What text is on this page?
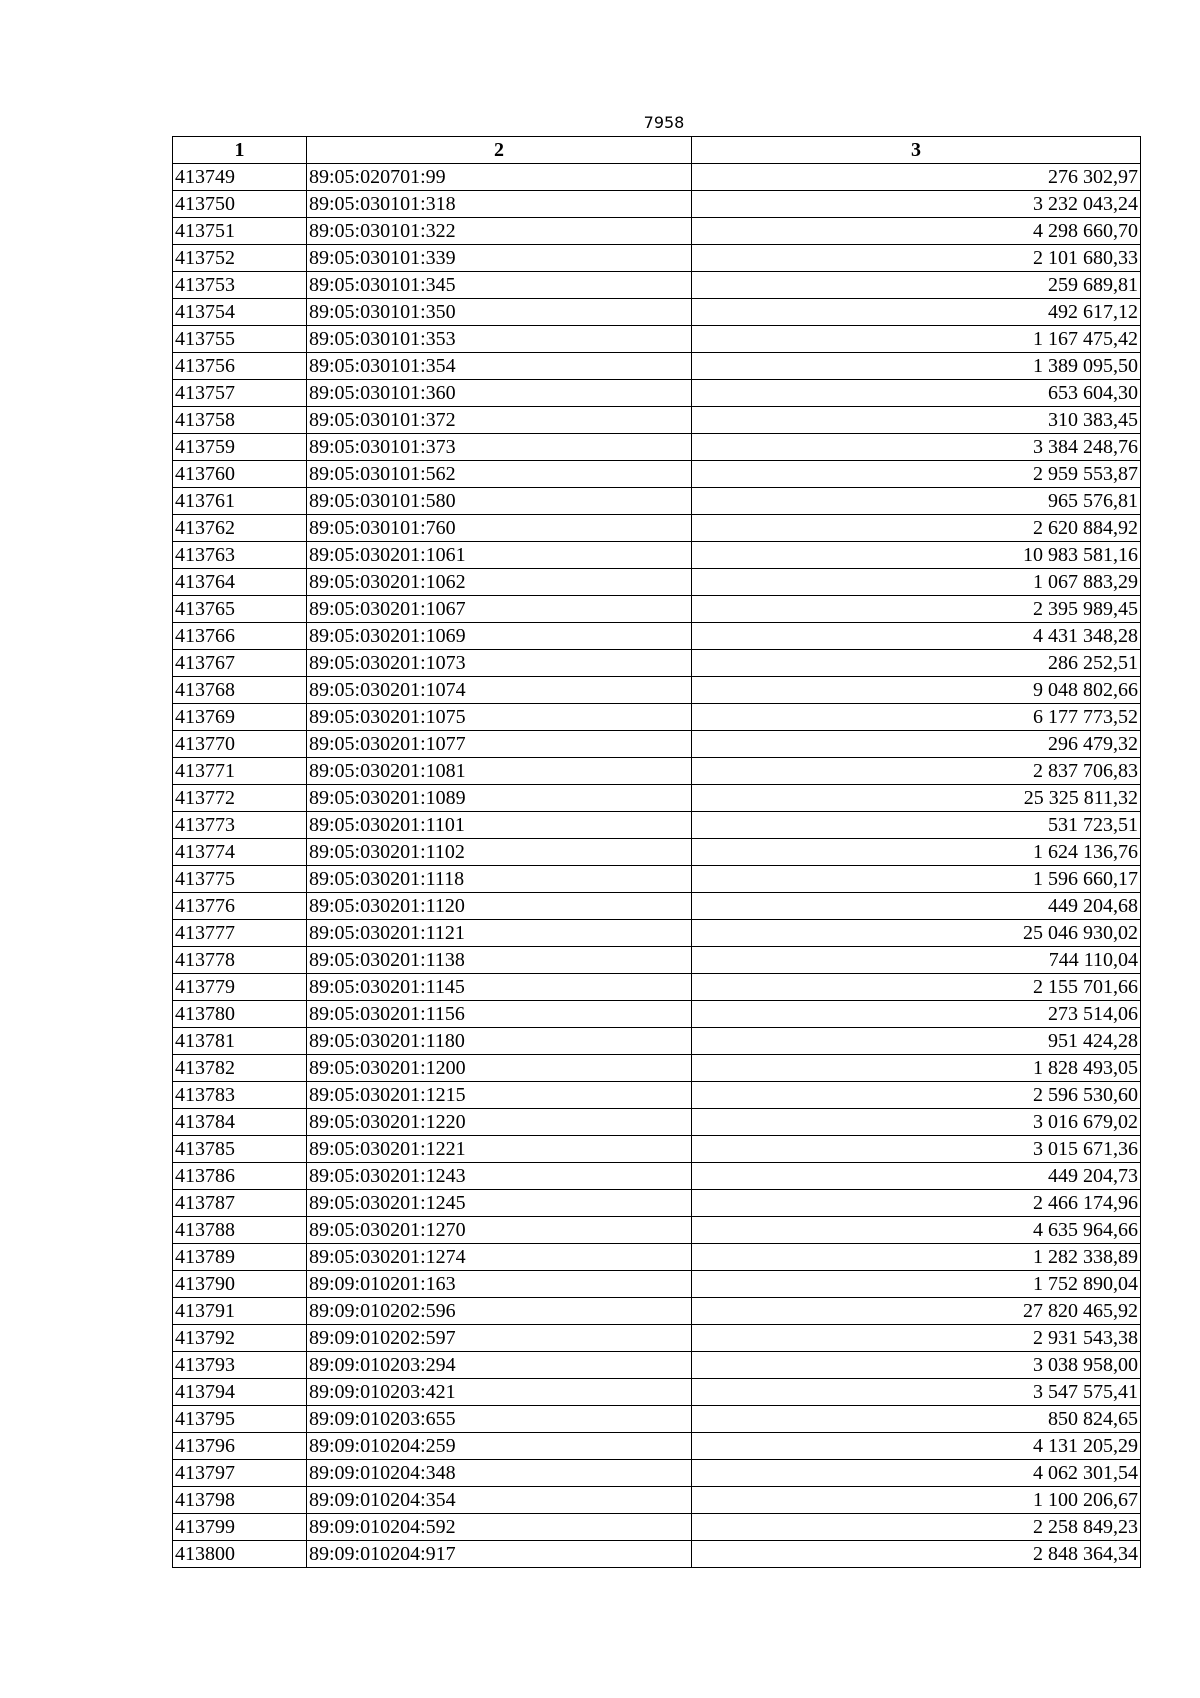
7958
1	2	3
413749	89:05:020701:99	276 302,97
413750	89:05:030101:318	3 232 043,24
413751	89:05:030101:322	4 298 660,70
413752	89:05:030101:339	2 101 680,33
413753	89:05:030101:345	259 689,81
413754	89:05:030101:350	492 617,12
413755	89:05:030101:353	1 167 475,42
413756	89:05:030101:354	1 389 095,50
413757	89:05:030101:360	653 604,30
413758	89:05:030101:372	310 383,45
413759	89:05:030101:373	3 384 248,76
413760	89:05:030101:562	2 959 553,87
413761	89:05:030101:580	965 576,81
413762	89:05:030101:760	2 620 884,92
413763	89:05:030201:1061	10 983 581,16
413764	89:05:030201:1062	1 067 883,29
413765	89:05:030201:1067	2 395 989,45
413766	89:05:030201:1069	4 431 348,28
413767	89:05:030201:1073	286 252,51
413768	89:05:030201:1074	9 048 802,66
413769	89:05:030201:1075	6 177 773,52
413770	89:05:030201:1077	296 479,32
413771	89:05:030201:1081	2 837 706,83
413772	89:05:030201:1089	25 325 811,32
413773	89:05:030201:1101	531 723,51
413774	89:05:030201:1102	1 624 136,76
413775	89:05:030201:1118	1 596 660,17
413776	89:05:030201:1120	449 204,68
413777	89:05:030201:1121	25 046 930,02
413778	89:05:030201:1138	744 110,04
413779	89:05:030201:1145	2 155 701,66
413780	89:05:030201:1156	273 514,06
413781	89:05:030201:1180	951 424,28
413782	89:05:030201:1200	1 828 493,05
413783	89:05:030201:1215	2 596 530,60
413784	89:05:030201:1220	3 016 679,02
413785	89:05:030201:1221	3 015 671,36
413786	89:05:030201:1243	449 204,73
413787	89:05:030201:1245	2 466 174,96
413788	89:05:030201:1270	4 635 964,66
413789	89:05:030201:1274	1 282 338,89
413790	89:09:010201:163	1 752 890,04
413791	89:09:010202:596	27 820 465,92
413792	89:09:010202:597	2 931 543,38
413793	89:09:010203:294	3 038 958,00
413794	89:09:010203:421	3 547 575,41
413795	89:09:010203:655	850 824,65
413796	89:09:010204:259	4 131 205,29
413797	89:09:010204:348	4 062 301,54
413798	89:09:010204:354	1 100 206,67
413799	89:09:010204:592	2 258 849,23
413800	89:09:010204:917	2 848 364,34
